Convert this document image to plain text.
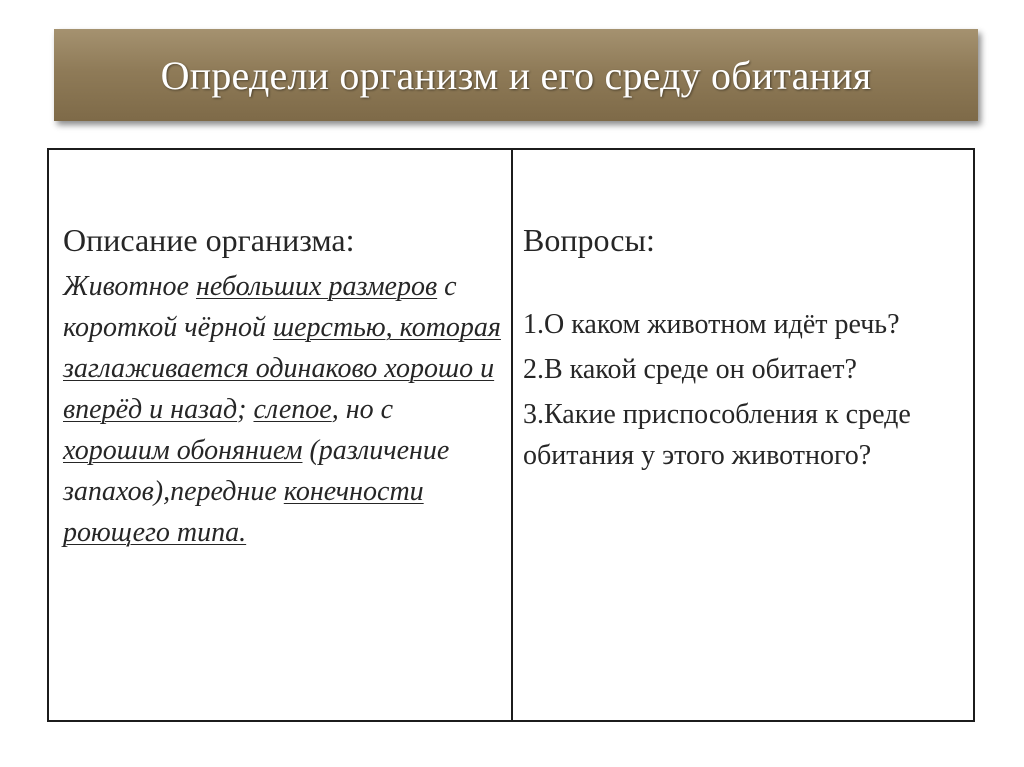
Определи организм и его среду обитания
Описание организма:

Животное небольших размеров с короткой чёрной шерстью, которая заглаживается одинаково хорошо и вперёд и назад; слепое, но с хорошим обонянием (различение запахов),передние конечности роющего типа.

Вопросы:
1.О каком животном идёт речь?
2.В какой среде он обитает?
3.Какие приспособления к среде обитания у этого животного?
